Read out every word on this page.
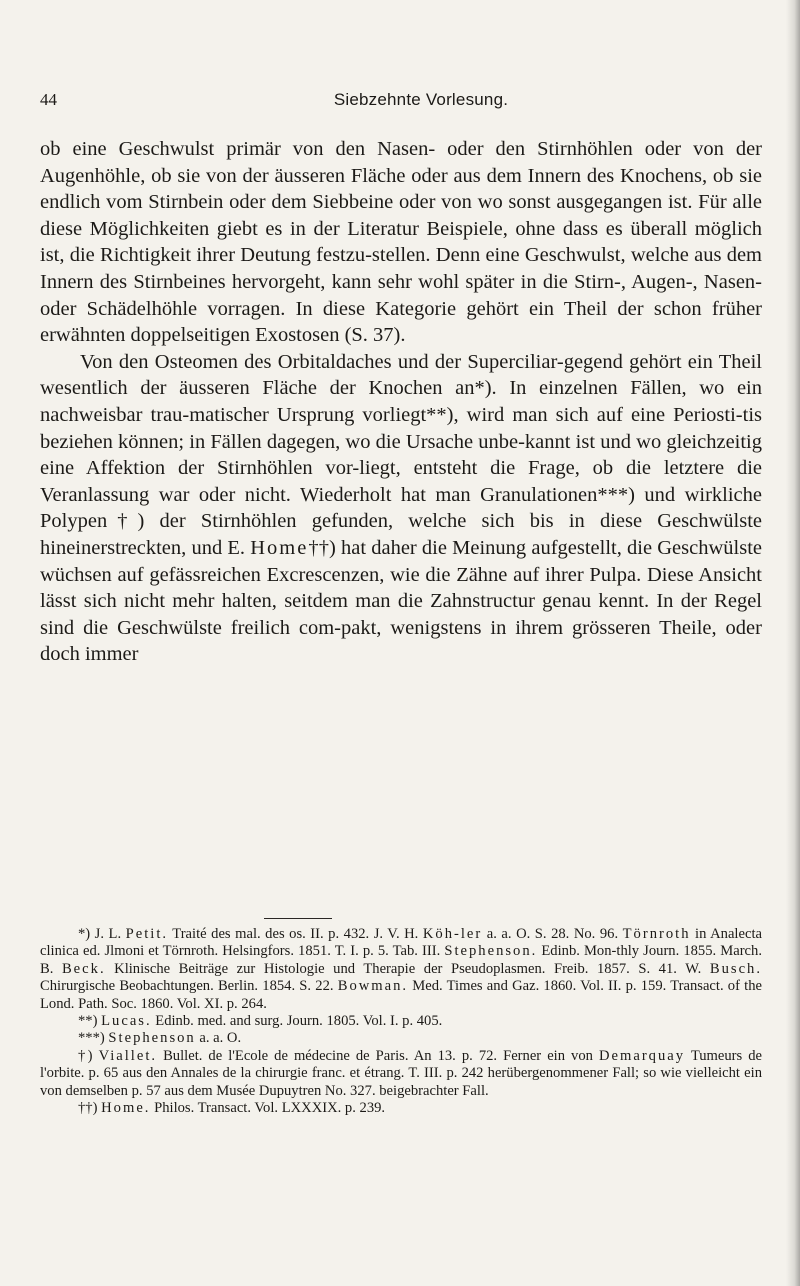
44	Siebzehnte Vorlesung.

ob eine Geschwulst primär von den Nasen- oder den Stirnhöhlen oder von der Augenhöhle, ob sie von der äusseren Fläche oder aus dem Innern des Knochens, ob sie endlich vom Stirnbein oder dem Siebbeine oder von wo sonst ausgegangen ist. Für alle diese Möglichkeiten giebt es in der Literatur Beispiele, ohne dass es überall möglich ist, die Richtigkeit ihrer Deutung festzu-stellen. Denn eine Geschwulst, welche aus dem Innern des Stirnbeines hervorgeht, kann sehr wohl später in die Stirn-, Augen-, Nasen- oder Schädelhöhle vorragen. In diese Kategorie gehört ein Theil der schon früher erwähnten doppelseitigen Exostosen (S. 37).

Von den Osteomen des Orbitaldaches und der Superciliar-gegend gehört ein Theil wesentlich der äusseren Fläche der Knochen an*). In einzelnen Fällen, wo ein nachweisbar trau-matischer Ursprung vorliegt**), wird man sich auf eine Periosti-tis beziehen können; in Fällen dagegen, wo die Ursache unbe-kannt ist und wo gleichzeitig eine Affektion der Stirnhöhlen vor-liegt, entsteht die Frage, ob die letztere die Veranlassung war oder nicht. Wiederholt hat man Granulationen***) und wirkliche Polypen†) der Stirnhöhlen gefunden, welche sich bis in diese Geschwülste hineinerstreckten, und E. Home††) hat daher die Meinung aufgestellt, die Geschwülste wüchsen auf gefässreichen Excrescenzen, wie die Zähne auf ihrer Pulpa. Diese Ansicht lässt sich nicht mehr halten, seitdem man die Zahnstructur genau kennt. In der Regel sind die Geschwülste freilich com-pakt, wenigstens in ihrem grösseren Theile, oder doch immer

*) J. L. Petit. Traité des mal. des os. II. p. 432. J. V. H. Köh-ler a. a. O. S. 28. No. 96. Törnroth in Analecta clinica ed. Jlmoni et Törnroth. Helsingfors. 1851. T. I. p. 5. Tab. III. Stephenson. Edinb. Mon-thly Journ. 1855. March. B. Beck. Klinische Beiträge zur Histologie und Therapie der Pseudoplasmen. Freib. 1857. S. 41. W. Busch. Chirurgische Beobachtungen. Berlin. 1854. S. 22. Bowman. Med. Times and Gaz. 1860. Vol. II. p. 159. Transact. of the Lond. Path. Soc. 1860. Vol. XI. p. 264.

**) Lucas. Edinb. med. and surg. Journ. 1805. Vol. I. p. 405.

***) Stephenson a. a. O.

†) Viallet. Bullet. de l'Ecole de médecine de Paris. An 13. p. 72. Ferner ein von Demarquay Tumeurs de l'orbite. p. 65 aus den Annales de la chirurgie franc. et étrang. T. III. p. 242 herübergenommener Fall; so wie vielleicht ein von demselben p. 57 aus dem Musée Dupuytren No. 327. beigebrachter Fall.

††) Home. Philos. Transact. Vol. LXXXIX. p. 239.
